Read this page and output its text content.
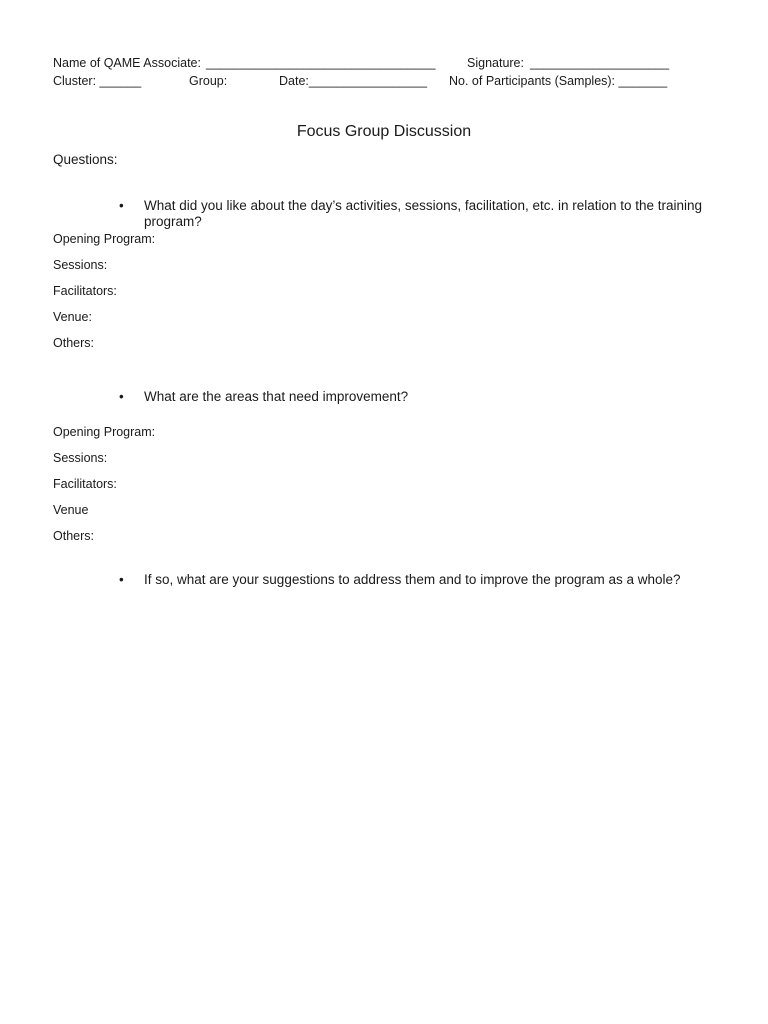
Name of QAME Associate: _________________________________	Signature: ____________________
Cluster: ______	Group:	Date:_________________ No. of Participants (Samples): _______
Focus Group Discussion
Questions:
• What did you like about the day’s activities, sessions, facilitation, etc. in relation to the training program?
Opening Program:
Sessions:
Facilitators:
Venue:
Others:
• What are the areas that need improvement?
Opening Program:
Sessions:
Facilitators:
Venue
Others:
• If so, what are your suggestions to address them and to improve the program as a whole?
